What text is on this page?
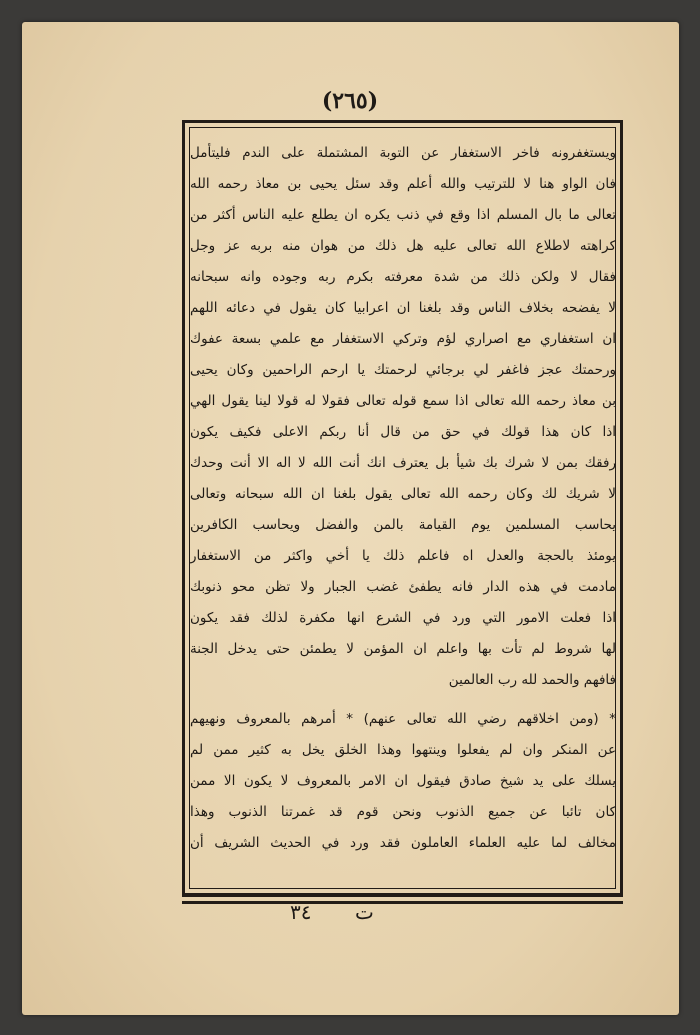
(٢٦٥)
ويستغفرونه فاخر الاستغفار عن التوبة المشتملة على الندم فليتأمل
فان الواو هنا لا للترتيب والله أعلم وقد سئل يحيى بن معاذ رحمه الله
تعالى ما بال المسلم اذا وقع في ذنب يكره ان يطلع عليه الناس أكثر من
كراهته لاطلاع الله تعالى عليه هل ذلك من هوان منه بربه عز وجل
فقال لا ولكن ذلك من شدة معرفته بكرم ربه وجوده وانه سبحانه
لا يفضحه بخلاف الناس وقد بلغنا ان اعرابيا كان يقول في دعائه اللهم
ان استغفاري مع اصراري لؤم وتركي الاستغفار مع علمي بسعة عفوك
ورحمتك عجز فاغفر لي برجائي لرحمتك يا ارحم الراحمين وكان يحيى
بن معاذ رحمه الله تعالى اذا سمع قوله تعالى فقولا له قولا لينا يقول الهي
اذا كان هذا قولك في حق من قال أنا ربكم الاعلى فكيف يكون
رفقك بمن لا شرك بك شيأ بل يعترف انك أنت الله لا اله الا أنت وحدك
لا شريك لك وكان رحمه الله تعالى يقول بلغنا ان الله سبحانه وتعالى
يحاسب المسلمين يوم القيامة بالمن والفضل ويحاسب الكافرين
يومئذ بالحجة والعدل اه فاعلم ذلك يا أخي واكثر من الاستغفار
مادمت في هذه الدار فانه يطفئ غضب الجبار ولا تظن محو ذنوبك
اذا فعلت الامور التي ورد في الشرع انها مكفرة لذلك فقد يكون
لها شروط لم تأت بها واعلم ان المؤمن لا يطمئن حتى يدخل الجنة
فافهم والحمد لله رب العالمين
* (ومن اخلاقهم رضي الله تعالى عنهم) * أمرهم بالمعروف ونهيهم
عن المنكر وان لم يفعلوا وينتهوا وهذا الخلق يخل به كثير ممن لم
يسلك على يد شيخ صادق فيقول ان الامر بالمعروف لا يكون الا ممن
كان تائبا عن جميع الذنوب ونحن قوم قد غمرتنا الذنوب وهذا
مخالف لما عليه العلماء العاملون فقد ورد في الحديث الشريف أن
٣٤ ت
